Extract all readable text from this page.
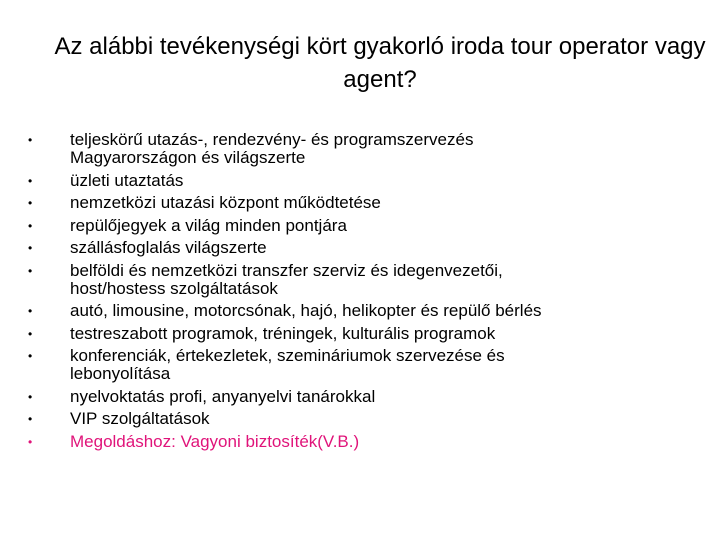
Az alábbi tevékenységi kört gyakorló iroda tour operator vagy agent?
•	teljeskörű utazás-, rendezvény- és programszervezés
Magyarországon és világszerte
•	üzleti utaztatás
•	nemzetközi utazási központ működtetése
•	repülőjegyek a világ minden pontjára
•	szállásfoglalás világszerte
•	belföldi és nemzetközi transzfer szerviz és idegenvezetői,
host/hostess szolgáltatások
•	autó, limousine, motorcsónak, hajó, helikopter és repülő bérlés
•	testreszabott programok, tréningek, kulturális programok
•	konferenciák, értekezletek, szemináriumok szervezése és
lebonyolítása
•	nyelvoktatás profi, anyanyelvi tanárokkal
•	VIP szolgáltatások
•	Megoldáshoz: Vagyoni biztosíték(V.B.)
